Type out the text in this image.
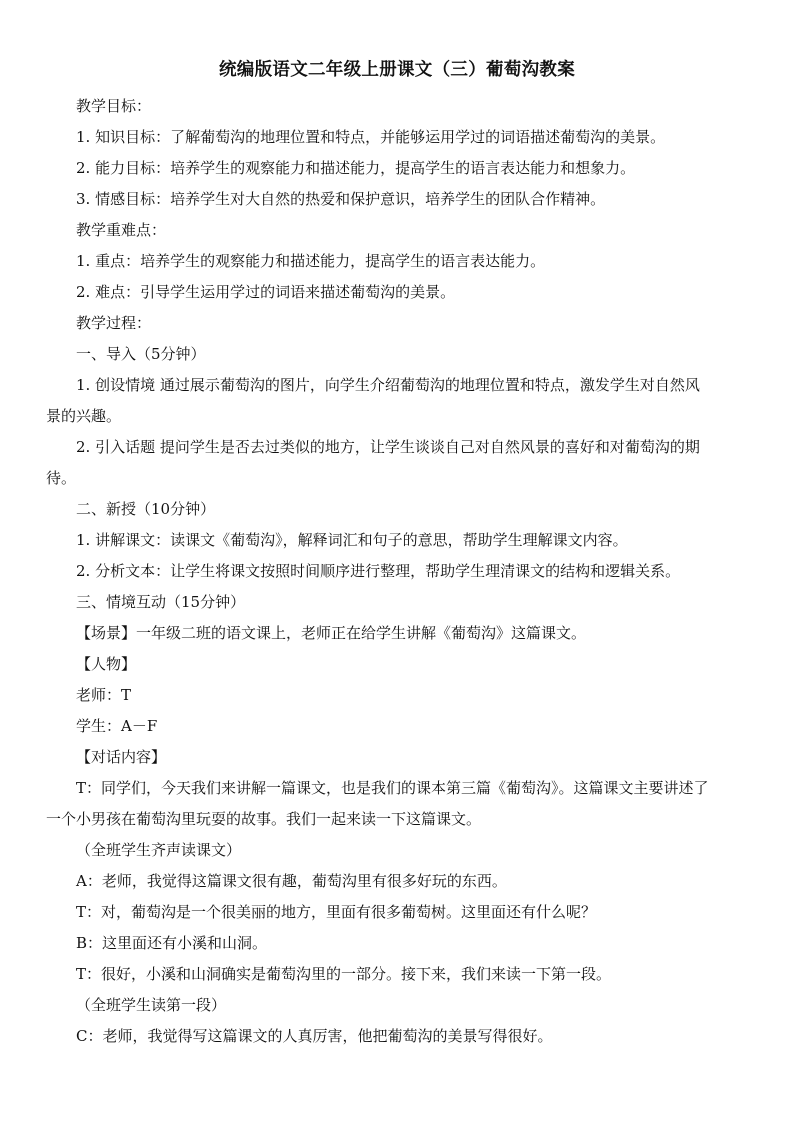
统编版语文二年级上册课文（三）葡萄沟教案
教学目标：
1. 知识目标：了解葡萄沟的地理位置和特点，并能够运用学过的词语描述葡萄沟的美景。
2. 能力目标：培养学生的观察能力和描述能力，提高学生的语言表达能力和想象力。
3. 情感目标：培养学生对大自然的热爱和保护意识，培养学生的团队合作精神。
教学重难点：
1. 重点：培养学生的观察能力和描述能力，提高学生的语言表达能力。
2. 难点：引导学生运用学过的词语来描述葡萄沟的美景。
教学过程：
一、导入（5分钟）
1. 创设情境 通过展示葡萄沟的图片，向学生介绍葡萄沟的地理位置和特点，激发学生对自然风
景的兴趣。
2. 引入话题 提问学生是否去过类似的地方，让学生谈谈自己对自然风景的喜好和对葡萄沟的期
待。
二、新授（10分钟）
1. 讲解课文：读课文《葡萄沟》，解释词汇和句子的意思，帮助学生理解课文内容。
2. 分析文本：让学生将课文按照时间顺序进行整理，帮助学生理清课文的结构和逻辑关系。
三、情境互动（15分钟）
【场景】一年级二班的语文课上，老师正在给学生讲解《葡萄沟》这篇课文。
【人物】
老师：T
学生：A－F
【对话内容】
T：同学们，今天我们来讲解一篇课文，也是我们的课本第三篇《葡萄沟》。这篇课文主要讲述了
一个小男孩在葡萄沟里玩耍的故事。我们一起来读一下这篇课文。
（全班学生齐声读课文）
A：老师，我觉得这篇课文很有趣，葡萄沟里有很多好玩的东西。
T：对，葡萄沟是一个很美丽的地方，里面有很多葡萄树。这里面还有什么呢？
B：这里面还有小溪和山洞。
T：很好，小溪和山洞确实是葡萄沟里的一部分。接下来，我们来读一下第一段。
（全班学生读第一段）
C：老师，我觉得写这篇课文的人真厉害，他把葡萄沟的美景写得很好。
